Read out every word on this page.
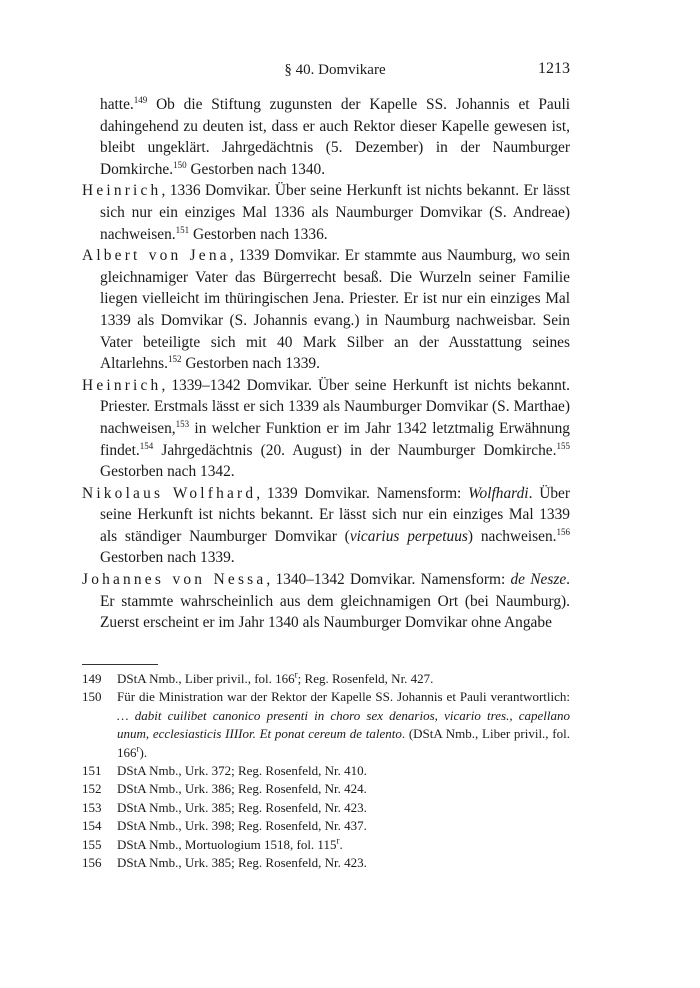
§ 40. Domvikare	1213

hatte.$^{149}$ Ob die Stiftung zugunsten der Kapelle SS. Johannis et Pauli dahingehend zu deuten ist, dass er auch Rektor dieser Kapelle gewesen ist, bleibt ungeklärt. Jahrgedächtnis (5. Dezember) in der Naumburger Domkirche.$^{150}$ Gestorben nach 1340.

Heinrich, 1336 Domvikar. Über seine Herkunft ist nichts bekannt. Er lässt sich nur ein einziges Mal 1336 als Naumburger Domvikar (S. Andreae) nachweisen.$^{151}$ Gestorben nach 1336.

Albert von Jena, 1339 Domvikar. Er stammte aus Naumburg, wo sein gleichnamiger Vater das Bürgerrecht besaß. Die Wurzeln seiner Familie liegen vielleicht im thüringischen Jena. Priester. Er ist nur ein einziges Mal 1339 als Domvikar (S. Johannis evang.) in Naumburg nachweisbar. Sein Vater beteiligte sich mit 40 Mark Silber an der Ausstattung seines Altarlehns.$^{152}$ Gestorben nach 1339.

Heinrich, 1339–1342 Domvikar. Über seine Herkunft ist nichts bekannt. Priester. Erstmals lässt er sich 1339 als Naumburger Domvikar (S. Marthae) nachweisen,$^{153}$ in welcher Funktion er im Jahr 1342 letztmalig Erwähnung findet.$^{154}$ Jahrgedächtnis (20. August) in der Naumburger Domkirche.$^{155}$ Gestorben nach 1342.

Nikolaus Wolfhard, 1339 Domvikar. Namensform: Wolfhardi. Über seine Herkunft ist nichts bekannt. Er lässt sich nur ein einziges Mal 1339 als ständiger Naumburger Domvikar (vicarius perpetuus) nachweisen.$^{156}$ Gestorben nach 1339.

Johannes von Nessa, 1340–1342 Domvikar. Namensform: de Nesze. Er stammte wahrscheinlich aus dem gleichnamigen Ort (bei Naumburg). Zuerst erscheint er im Jahr 1340 als Naumburger Domvikar ohne Angabe

149 DStA Nmb., Liber privil., fol. 166$^r$; Reg. Rosenfeld, Nr. 427.
150 Für die Ministration war der Rektor der Kapelle SS. Johannis et Pauli verantwortlich: … dabit cuilibet canonico presenti in choro sex denarios, vicario tres., capellano unum, ecclesiasticis IIIIor. Et ponat cereum de talento. (DStA Nmb., Liber privil., fol. 166$^r$).
151 DStA Nmb., Urk. 372; Reg. Rosenfeld, Nr. 410.
152 DStA Nmb., Urk. 386; Reg. Rosenfeld, Nr. 424.
153 DStA Nmb., Urk. 385; Reg. Rosenfeld, Nr. 423.
154 DStA Nmb., Urk. 398; Reg. Rosenfeld, Nr. 437.
155 DStA Nmb., Mortuologium 1518, fol. 115$^r$.
156 DStA Nmb., Urk. 385; Reg. Rosenfeld, Nr. 423.
